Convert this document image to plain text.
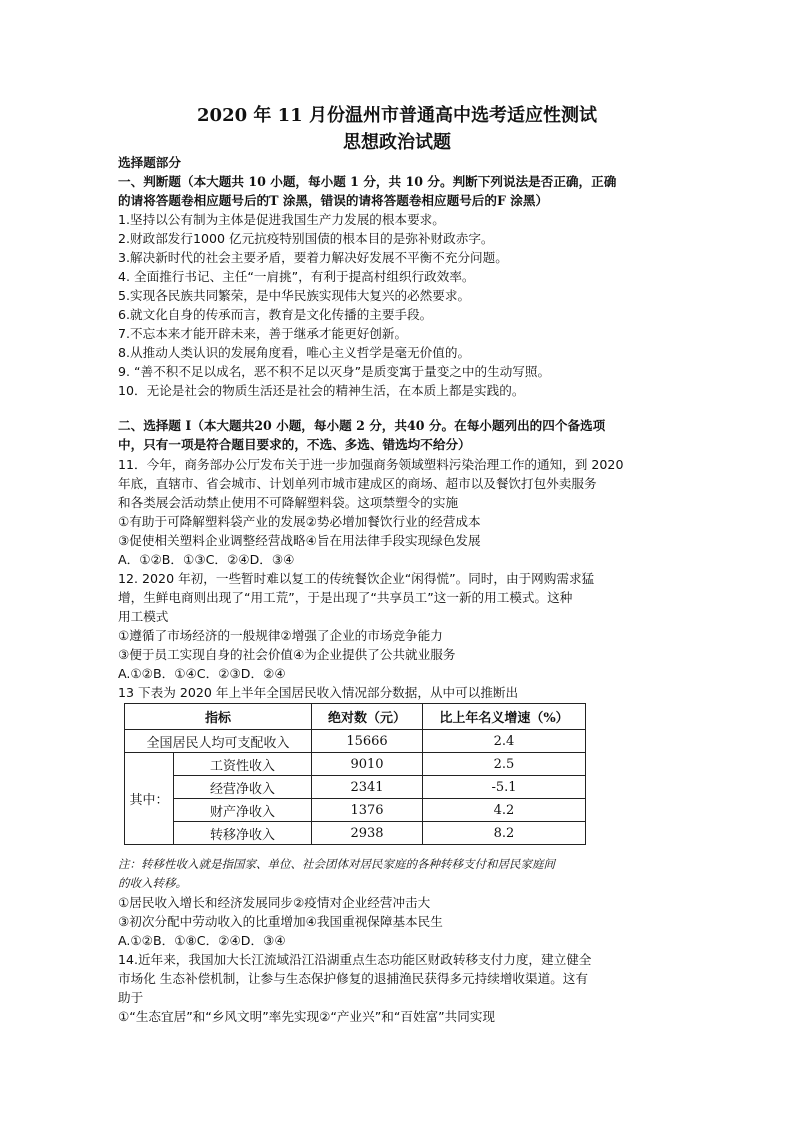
2020 年 11 月份温州市普通高中选考适应性测试
思想政治试题
选择题部分
一、判断题（本大题共 10 小题，每小题 1 分，共 10 分。判断下列说法是否正确，正确
的请将答题卷相应题号后的T 涂黑，错误的请将答题卷相应题号后的F 涂黑）
1.坚持以公有制为主体是促进我国生产力发展的根本要求。
2.财政部发行1000 亿元抗疫特别国债的根本目的是弥补财政赤字。
3.解决新时代的社会主要矛盾，要着力解决好发展不平衡不充分问题。
4. 全面推行书记、主任“一肩挑”，有利于提高村组织行政效率。
5.实现各民族共同繁荣，是中华民族实现伟大复兴的必然要求。
6.就文化自身的传承而言，教育是文化传播的主要手段。
7.不忘本来才能开辟未来，善于继承才能更好创新。
8.从推动人类认识的发展角度看，唯心主义哲学是毫无价值的。
9. “善不积不足以成名，恶不积不足以灭身”是质变寓于量变之中的生动写照。
10．无论是社会的物质生活还是社会的精神生活，在本质上都是实践的。
二、选择题 I（本大题共20 小题，每小题 2 分，共40 分。在每小题列出的四个备选项
中，只有一项是符合题目要求的，不选、多选、错选均不给分）
11．今年，商务部办公厅发布关于进一步加强商务领域塑料污染治理工作的通知，到 2020
年底，直辖市、省会城市、计划单列市城市建成区的商场、超市以及餐饮打包外卖服务
和各类展会活动禁止使用不可降解塑料袋。这项禁塑令的实施
①有助于可降解塑料袋产业的发展②势必增加餐饮行业的经营成本
③促使相关塑料企业调整经营战略④旨在用法律手段实现绿色发展
A．①②B．①③C．②④D．③④
12. 2020 年初，一些暂时难以复工的传统餐饮企业“闲得慌”。同时，由于网购需求猛
增，生鲜电商则出现了“用工荒”，于是出现了“共享员工”这一新的用工模式。这种
用工模式
①遵循了市场经济的一般规律②增强了企业的市场竞争能力
③便于员工实现自身的社会价值④为企业提供了公共就业服务
A.①②B．①④C．②③D．②④
13 下表为 2020 年上半年全国居民收入情况部分数据，从中可以推断出
指标		绝对数（元）	比上年名义增速（%）
全国居民人均可支配收入		15666	2.4
其中：	工资性收入	9010	2.5
	经营净收入	2341	-5.1
	财产净收入	1376	4.2
	转移净收入	2938	8.2
注：转移性收入就是指国家、单位、社会团体对居民家庭的各种转移支付和居民家庭间
的收入转移。
①居民收入增长和经济发展同步②疫情对企业经营冲击大
③初次分配中劳动收入的比重增加④我国重视保障基本民生
A.①②B．①⑧C．②④D．③④
14.近年来，我国加大长江流域沿江沿湖重点生态功能区财政转移支付力度，建立健全
市场化 生态补偿机制，让参与生态保护修复的退捕渔民获得多元持续增收渠道。这有
助于
①“生态宜居”和“乡风文明”率先实现②“产业兴”和“百姓富”共同实现
